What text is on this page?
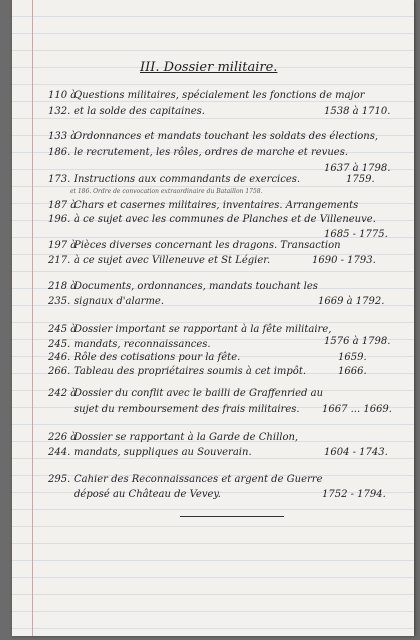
III. Dossier militaire.
110 à
Questions militaires, spécialement les fonctions de major
132. et la solde des capitaines.	1538 à 1710.
133 à
Ordonnances et mandats touchant les soldats des élections,
186. le recrutement, les rôles, ordres de marche et revues.
1637 à 1798.
173. Instructions aux commandants de exercices.	1759.
et 186. Ordre de convocation extraordinaire du Bataillon 1758.
187 à
Chars et casernes militaires, inventaires. Arrangements
196. à ce sujet avec les communes de Planches et de Villeneuve.
1685 - 1775.
197 à
Pièces diverses concernant les dragons. Transaction
217. à ce sujet avec Villeneuve et St Légier.	1690 - 1793.
218 à
Documents, ordonnances, mandats touchant les
235. signaux d'alarme.	1669 à 1792.
245 à
Dossier important se rapportant à la fête militaire,
245. mandats, reconnaissances.	1576 à 1798.
246. Rôle des cotisations pour la fête.	1659.
266. Tableau des propriétaires soumis à cet impôt.	1666.
242 à
Dossier du conflit avec le bailli de Graffenried au
sujet du remboursement des frais militaires. 1667 ... 1669.
226 à
Dossier se rapportant à la Garde de Chillon,
244. mandats, suppliques au Souverain.	1604 - 1743.
295. Cahier des Reconnaissances et argent de Guerre
déposé au Château de Vevey.	1752 - 1794.
